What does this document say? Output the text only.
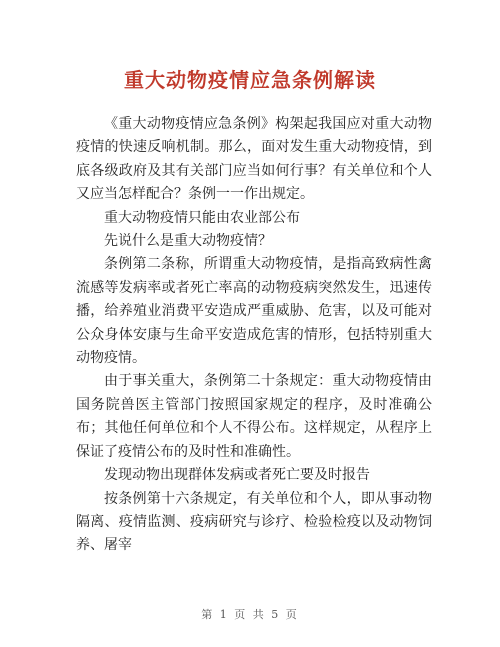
重大动物疫情应急条例解读

《重大动物疫情应急条例》构架起我国应对重大动物疫情的快速反响机制。那么，面对发生重大动物疫情，到底各级政府及其有关部门应当如何行事？有关单位和个人又应当怎样配合？条例一一作出规定。

重大动物疫情只能由农业部公布

先说什么是重大动物疫情？

条例第二条称，所谓重大动物疫情，是指高致病性禽流感等发病率或者死亡率高的动物疫病突然发生，迅速传播，给养殖业消费平安造成严重威胁、危害，以及可能对公众身体安康与生命平安造成危害的情形，包括特别重大动物疫情。

由于事关重大，条例第二十条规定：重大动物疫情由国务院兽医主管部门按照国家规定的程序，及时准确公布；其他任何单位和个人不得公布。这样规定，从程序上保证了疫情公布的及时性和准确性。

发现动物出现群体发病或者死亡要及时报告

按条例第十六条规定，有关单位和个人，即从事动物隔离、疫情监测、疫病研究与诊疗、检验检疫以及动物饲养、屠宰

第 1 页 共 5 页
